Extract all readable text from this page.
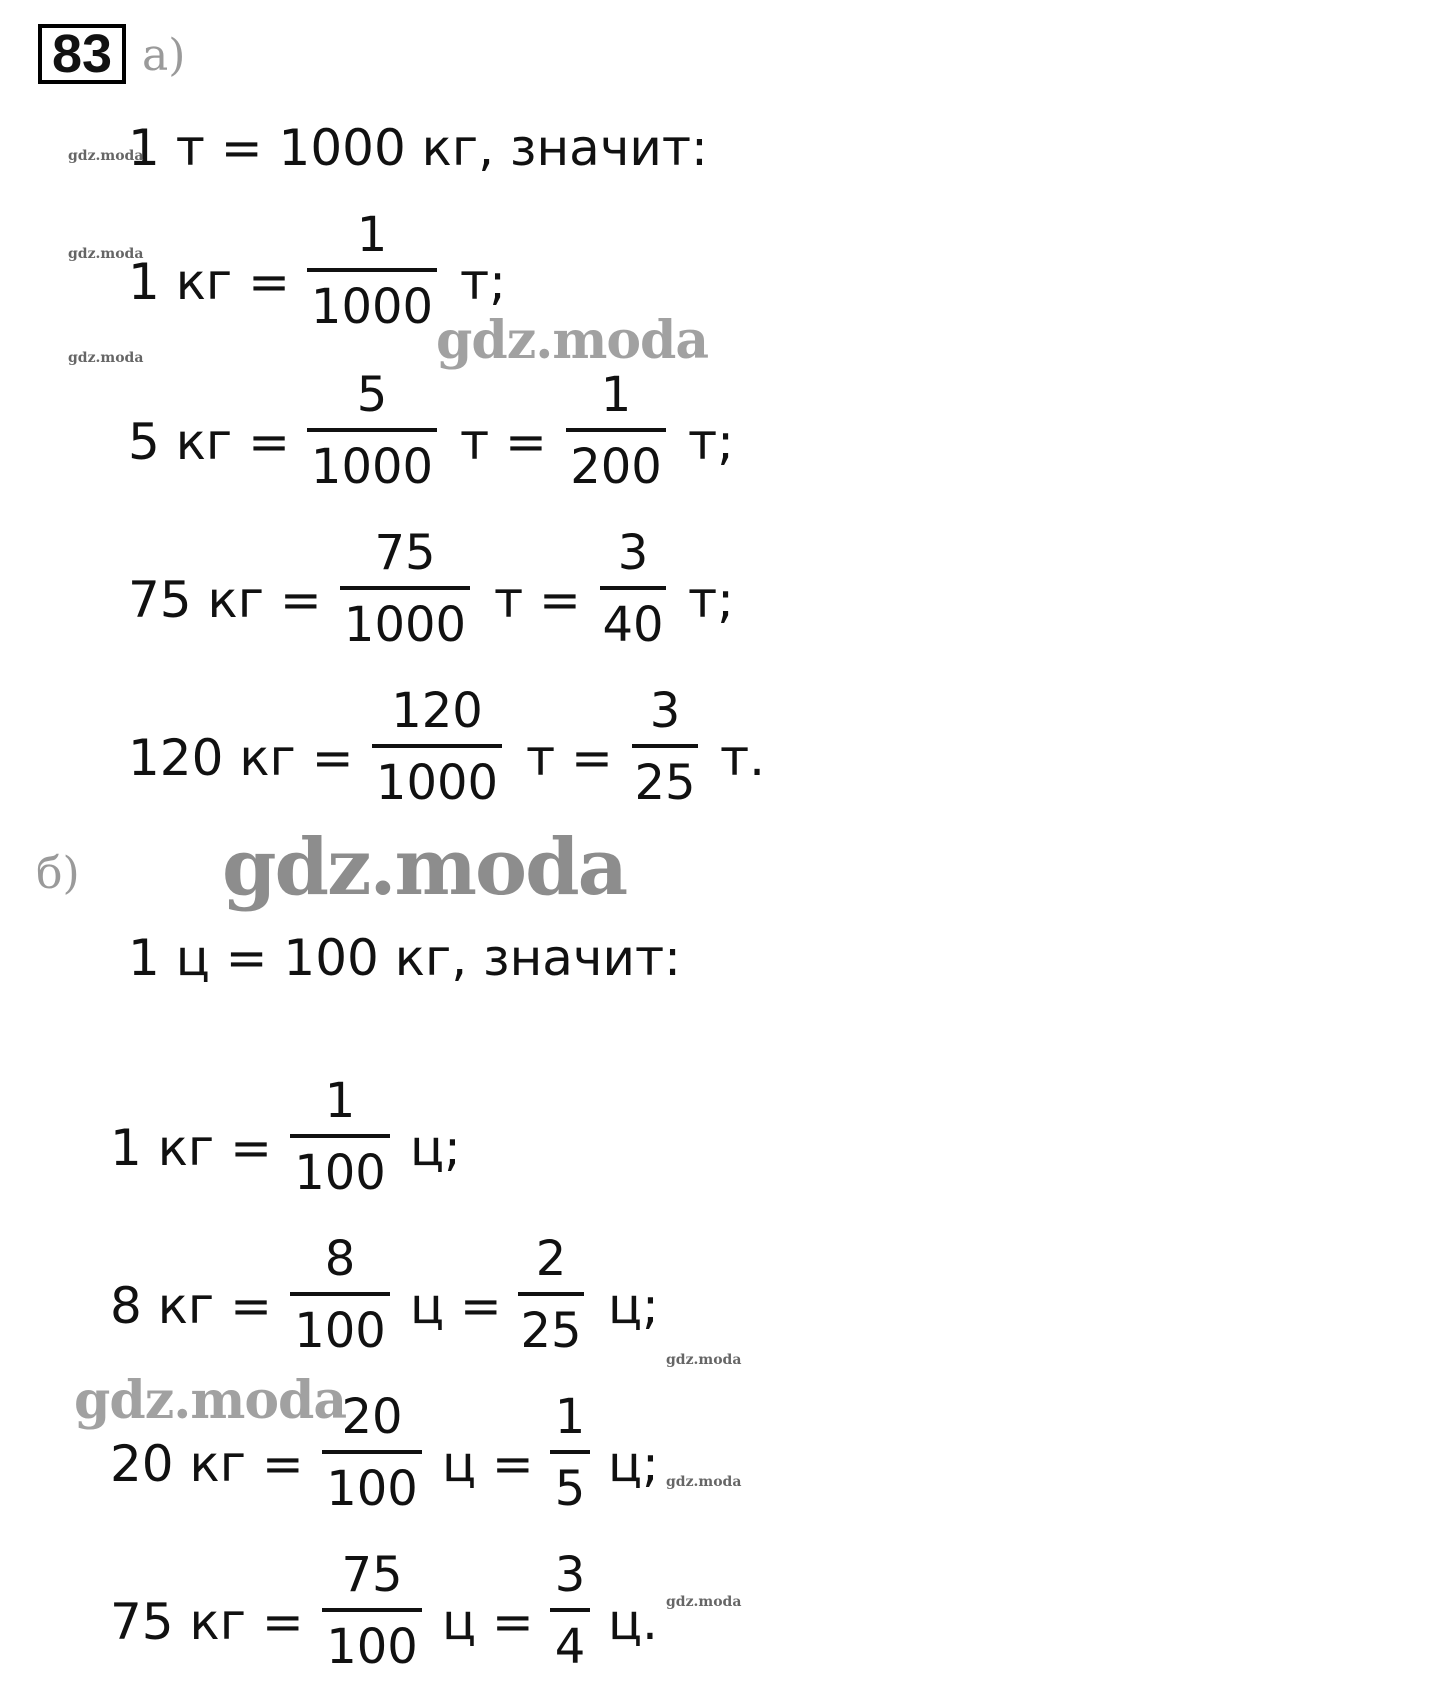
83 а)
1 т = 1000 кг, значит:
1 кг =
1
1000 т;
5 кг =
5
1000 т =
1
200 т;
75 кг =
75
1000 т =
3
40 т;
120 кг =
120
1000 т =
3
25 т.
б)
1 ц = 100 кг, значит:
1 кг =
1
100 ц;
8 кг =
8
100 ц =
2
25 ц;
20 кг =
20
100 ц =
1
5 ц;
75 кг =
75
100 ц =
3
4 ц.
gdz.moda
gdz.moda
gdz.moda
gdz.moda
gdz.moda
gdz.moda
gdz.moda
gdz.moda
gdz.moda
